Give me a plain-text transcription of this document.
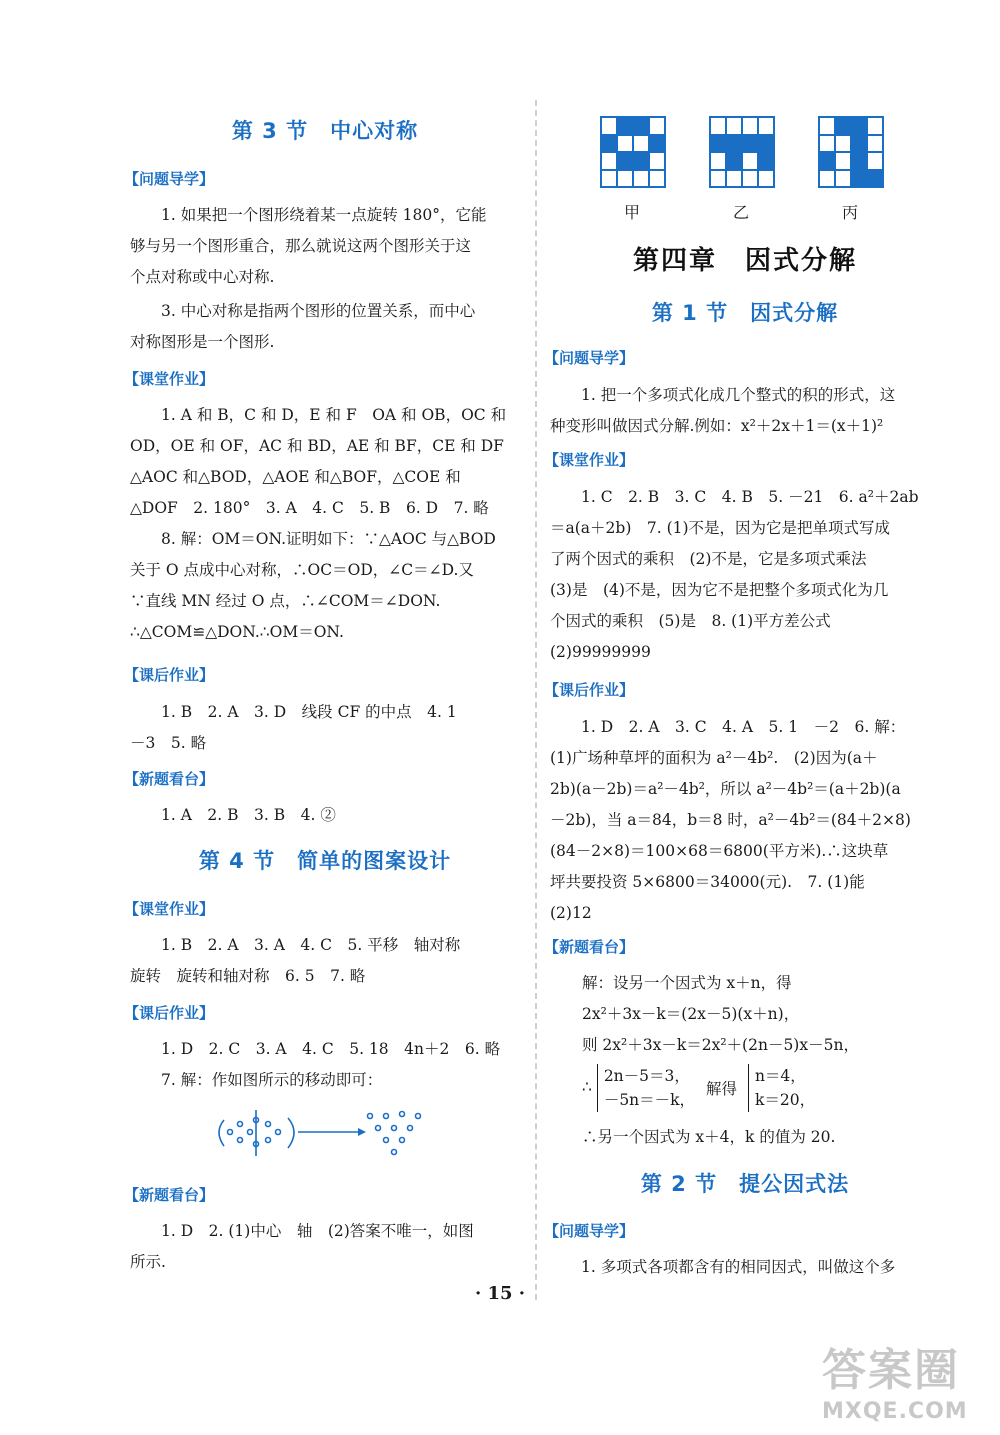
第 3 节　中心对称
【问题导学】

1. 如果把一个图形绕着某一点旋转 180°，它能

够与另一个图形重合，那么就说这两个图形关于这

个点对称或中心对称.

3. 中心对称是指两个图形的位置关系，而中心

对称图形是一个图形.

【课堂作业】

1. A 和 B，C 和 D，E 和 F　OA 和 OB，OC 和

OD，OE 和 OF，AC 和 BD，AE 和 BF，CE 和 DF

△AOC 和△BOD，△AOE 和△BOF，△COE 和

△DOF　2. 180°　3. A　4. C　5. B　6. D　7. 略

8. 解：OM＝ON.证明如下：∵△AOC 与△BOD

关于 O 点成中心对称，∴OC＝OD，∠C＝∠D.又

∵直线 MN 经过 O 点，∴∠COM＝∠DON.

∴△COM≌△DON.∴OM＝ON.

【课后作业】

1. B　2. A　3. D　线段 CF 的中点　4. 1

－3　5. 略

【新题看台】

1. A　2. B　3. B　4. ②

第 4 节　简单的图案设计
【课堂作业】

1. B　2. A　3. A　4. C　5. 平移　轴对称

旋转　旋转和轴对称　6. 5　7. 略

【课后作业】

1. D　2. C　3. A　4. C　5. 18　4n＋2　6. 略

7. 解：作如图所示的移动即可：

【新题看台】

1. D　2. (1)中心　轴　(2)答案不唯一，如图

所示.

甲	乙	丙
第四章　因式分解
第 1 节　因式分解
【问题导学】

1. 把一个多项式化成几个整式的积的形式，这

种变形叫做因式分解.例如：x²＋2x＋1＝(x＋1)²

【课堂作业】

1. C　2. B　3. C　4. B　5. －21　6. a²＋2ab

＝a(a＋2b)　7. (1)不是，因为它是把单项式写成

了两个因式的乘积　(2)不是，它是多项式乘法

(3)是　(4)不是，因为它不是把整个多项式化为几

个因式的乘积　(5)是　8. (1)平方差公式

(2)99999999

【课后作业】

1. D　2. A　3. C　4. A　5. 1　－2　6. 解：

(1)广场种草坪的面积为 a²－4b².　(2)因为(a＋

2b)(a－2b)＝a²－4b²，所以 a²－4b²＝(a＋2b)(a

－2b)，当 a＝84，b＝8 时，a²－4b²＝(84＋2×8)

(84－2×8)＝100×68＝6800(平方米).∴这块草

坪共要投资 5×6800＝34000(元).　7. (1)能

(2)12

【新题看台】

解：设另一个因式为 x＋n，得

2x²＋3x－k＝(2x－5)(x＋n)，

则 2x²＋3x－k＝2x²＋(2n－5)x－5n，

∴ 2n－5＝3，
－5n＝－k， 解得 n＝4，
k＝20，

∴另一个因式为 x＋4，k 的值为 20.

第 2 节　提公因式法
【问题导学】

1. 多项式各项都含有的相同因式，叫做这个多

· 15 ·
答案圈
MXQE.COM
